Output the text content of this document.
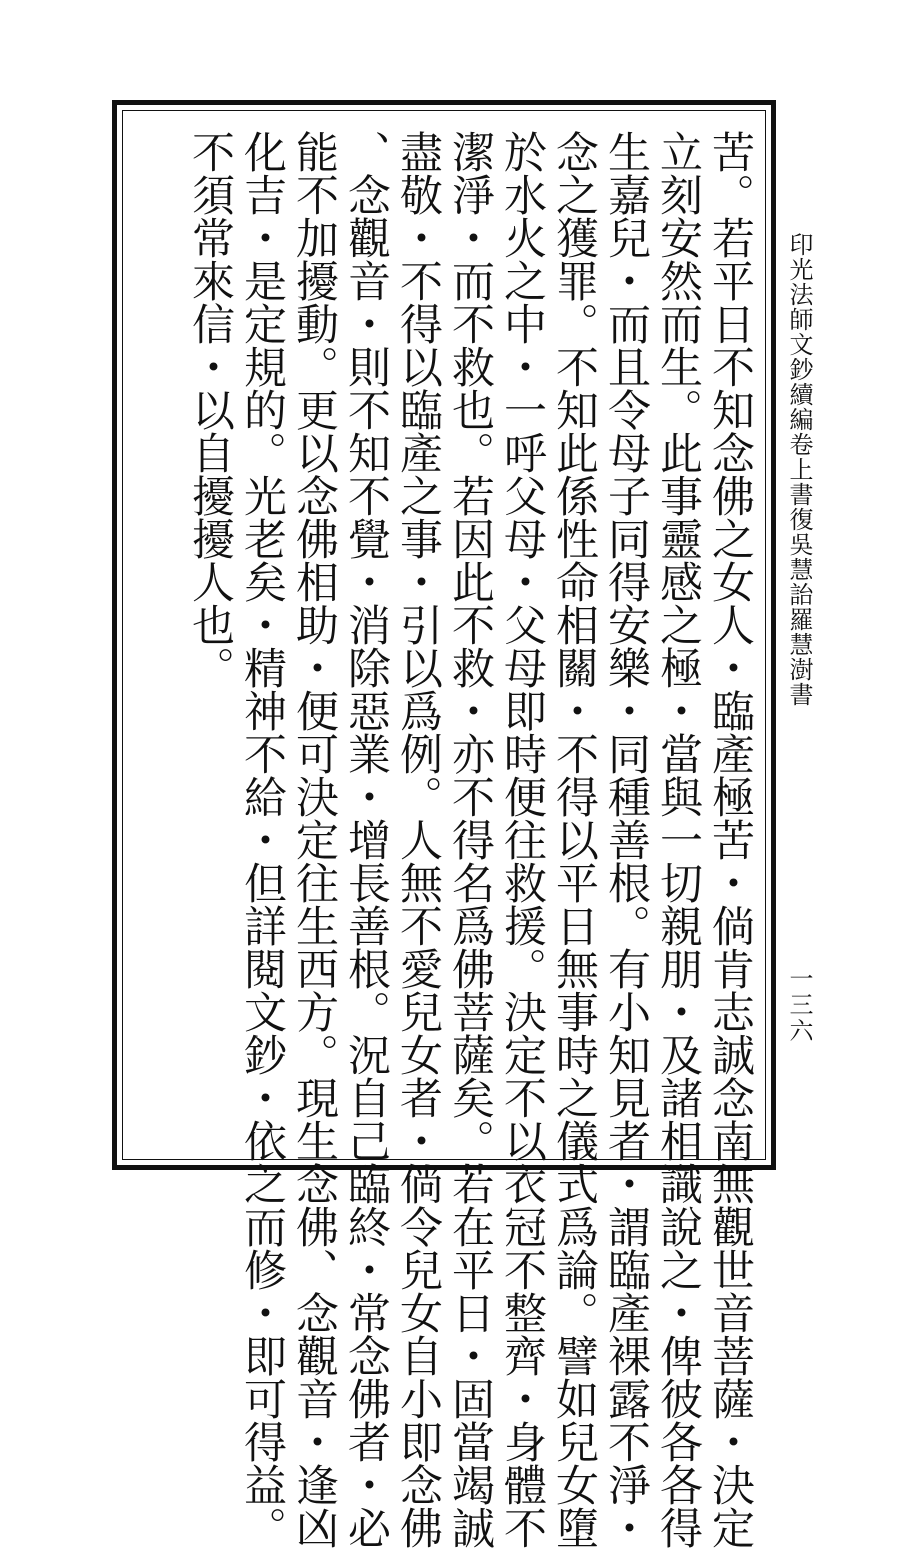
印光法師文鈔續編卷上書復吳慧詒羅慧澍書
一三六
苦。若平日不知念佛之女人・臨產極苦・倘肯志誠念南無觀世音菩薩・決定
立刻安然而生。此事靈感之極・當與一切親朋・及諸相識說之・俾彼各各得
生嘉兒・而且令母子同得安樂・同種善根。有小知見者・謂臨產裸露不淨・
念之獲罪。不知此係性命相關・不得以平日無事時之儀式爲論。譬如兒女墮
於水火之中・一呼父母・父母即時便往救援。決定不以衣冠不整齊・身體不
潔淨・而不救也。若因此不救・亦不得名爲佛菩薩矣。若在平日・固當竭誠
盡敬・不得以臨產之事・引以爲例。人無不愛兒女者・倘令兒女自小即念佛
、念觀音・則不知不覺・消除惡業・增長善根。況自己臨終・常念佛者・必
能不加擾動。更以念佛相助・便可決定往生西方。現生念佛、念觀音・逢凶
化吉・是定規的。光老矣・精神不給・但詳閱文鈔・依之而修・即可得益。
不須常來信・以自擾擾人也。
